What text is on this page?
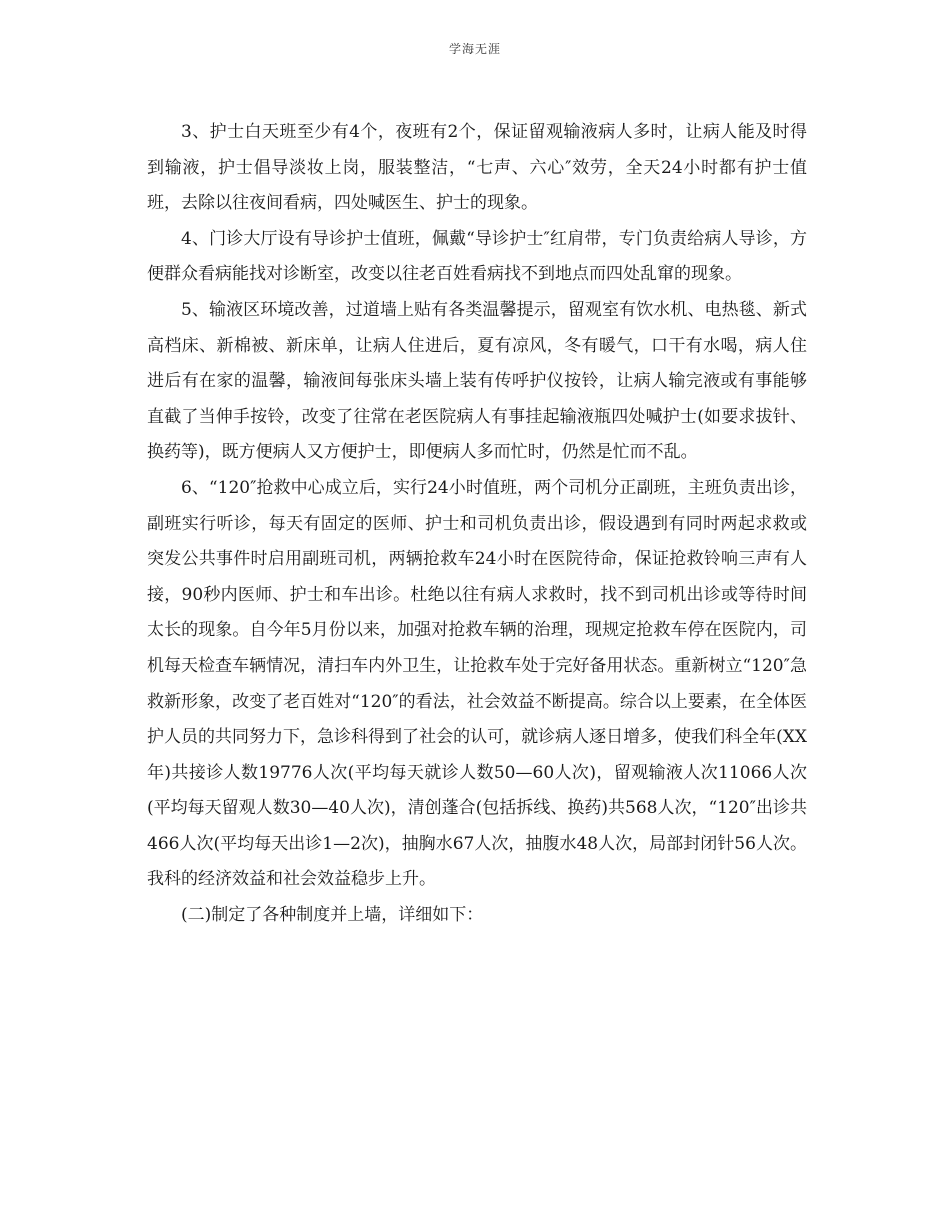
学海无涯

3、护士白天班至少有4个，夜班有2个，保证留观输液病人多时，让病人能及时得到输液，护士倡导淡妆上岗，服装整洁，“七声、六心″效劳，全天24小时都有护士值班，去除以往夜间看病，四处喊医生、护士的现象。

4、门诊大厅设有导诊护士值班，佩戴“导诊护士″红肩带，专门负责给病人导诊，方便群众看病能找对诊断室，改变以往老百姓看病找不到地点而四处乱窜的现象。

5、输液区环境改善，过道墙上贴有各类温馨提示，留观室有饮水机、电热毯、新式高档床、新棉被、新床单，让病人住进后，夏有凉风，冬有暖气，口干有水喝，病人住进后有在家的温馨，输液间每张床头墙上装有传呼护仪按铃，让病人输完液或有事能够直截了当伸手按铃，改变了往常在老医院病人有事挂起输液瓶四处喊护士(如要求拔针、换药等)，既方便病人又方便护士，即便病人多而忙时，仍然是忙而不乱。

6、“120″抢救中心成立后，实行24小时值班，两个司机分正副班，主班负责出诊，副班实行听诊，每天有固定的医师、护士和司机负责出诊，假设遇到有同时两起求救或突发公共事件时启用副班司机，两辆抢救车24小时在医院待命，保证抢救铃响三声有人接，90秒内医师、护士和车出诊。杜绝以往有病人求救时，找不到司机出诊或等待时间太长的现象。自今年5月份以来，加强对抢救车辆的治理，现规定抢救车停在医院内，司机每天检查车辆情况，清扫车内外卫生，让抢救车处于完好备用状态。重新树立“120″急救新形象，改变了老百姓对“120″的看法，社会效益不断提高。综合以上要素，在全体医护人员的共同努力下，急诊科得到了社会的认可，就诊病人逐日增多，使我们科全年(XX年)共接诊人数19776人次(平均每天就诊人数50—60人次)，留观输液人次11066人次(平均每天留观人数30—40人次)，清创蓬合(包括拆线、换药)共568人次，“120″出诊共466人次(平均每天出诊1—2次)，抽胸水67人次，抽腹水48人次，局部封闭针56人次。我科的经济效益和社会效益稳步上升。

(二)制定了各种制度并上墙，详细如下：
